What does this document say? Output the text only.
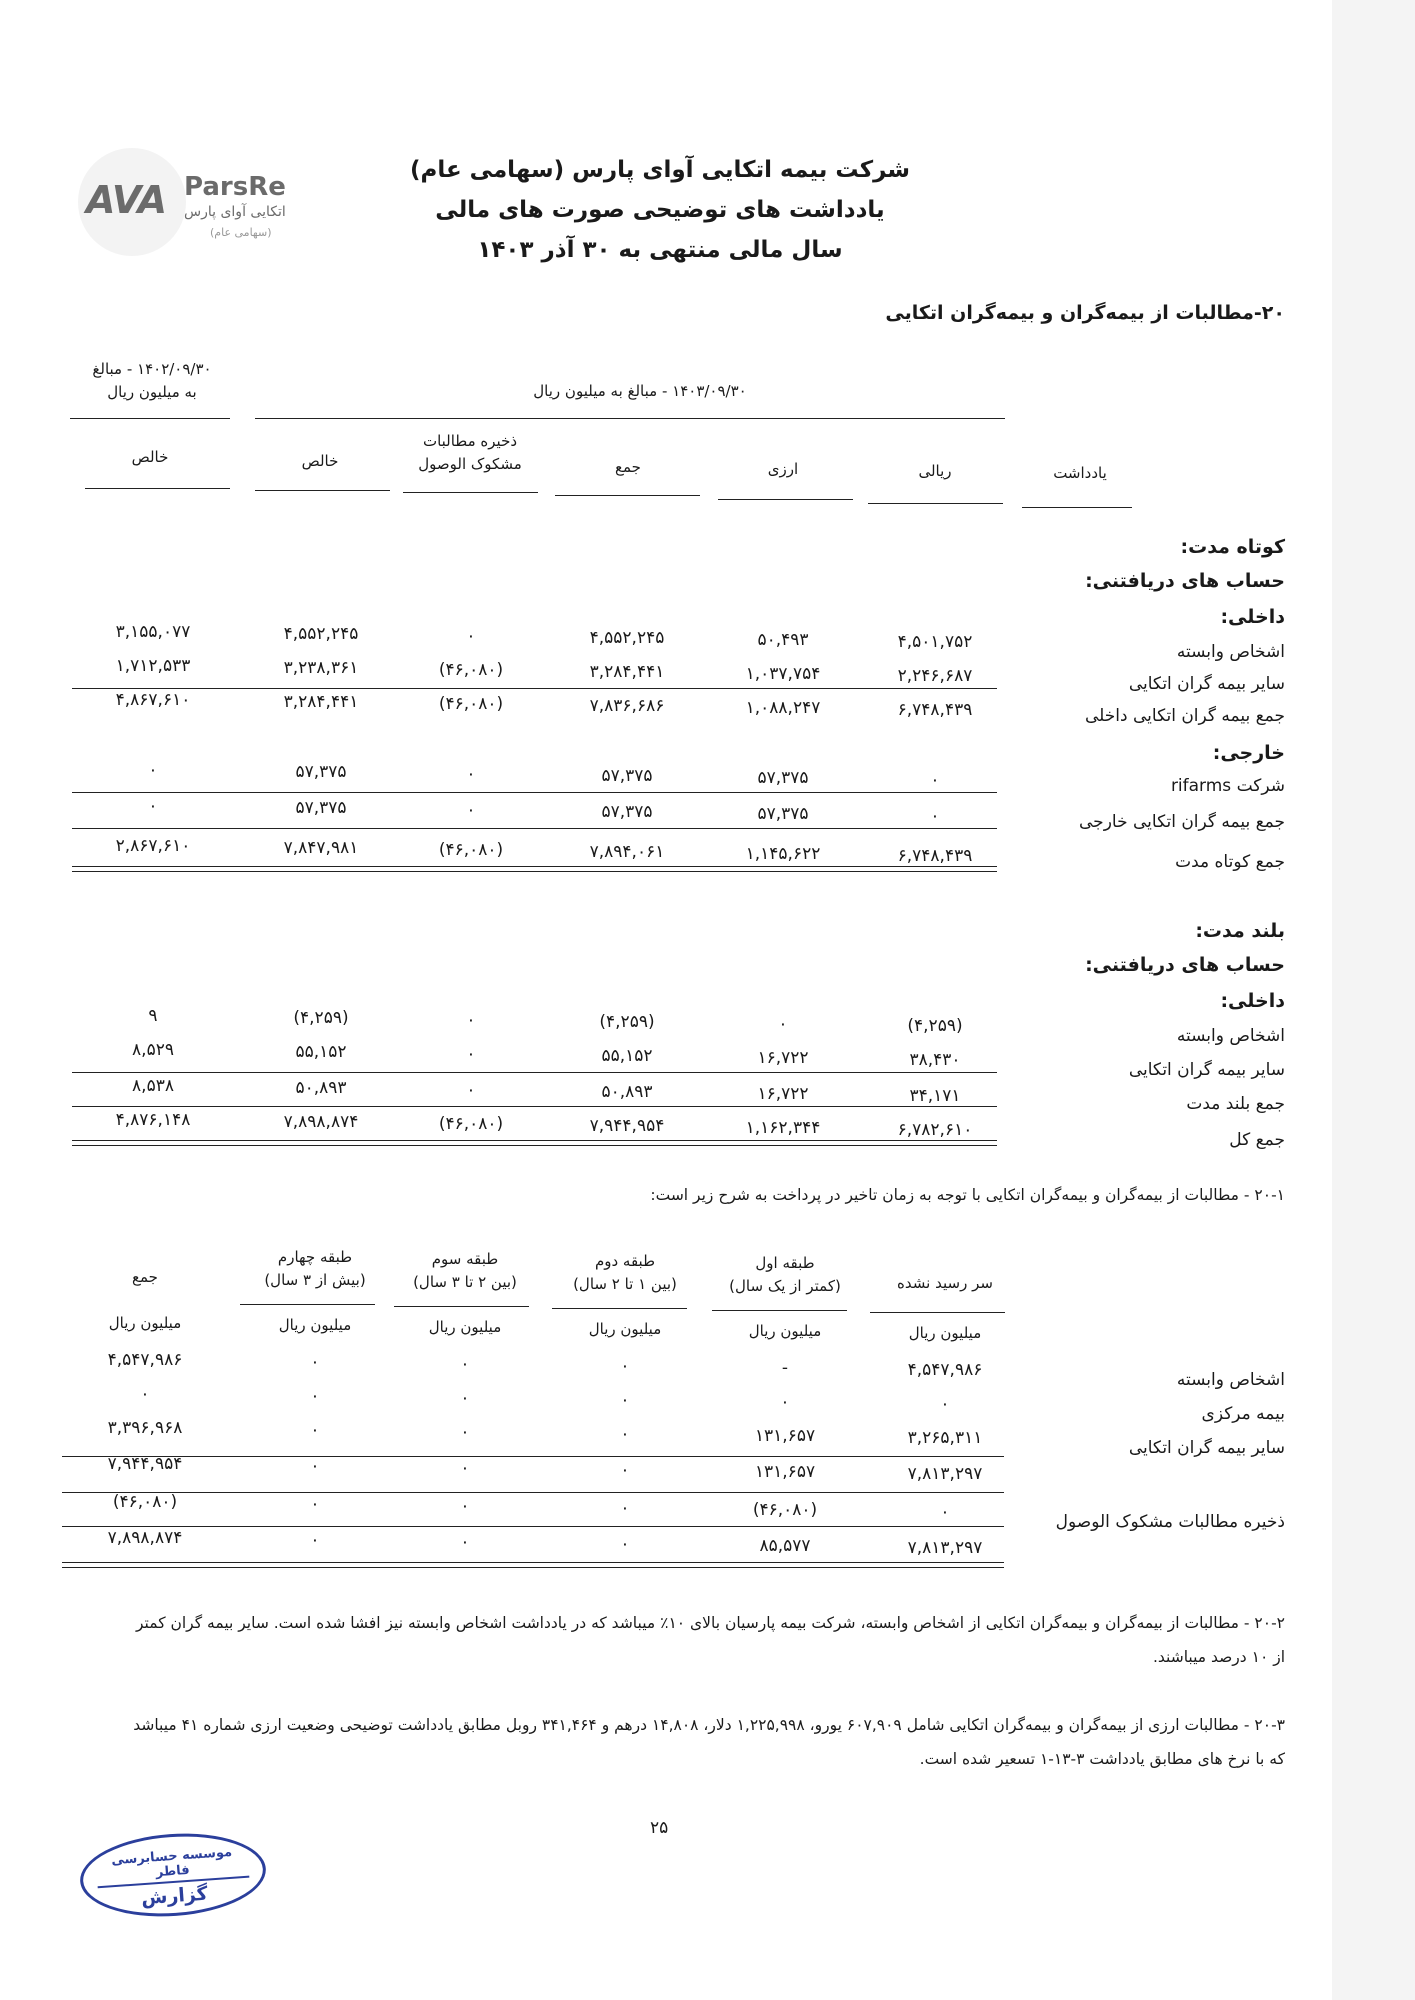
AVA ParsRe
اتکایی آوای پارس
(سهامی عام)
شرکت بیمه اتکایی آوای پارس (سهامی عام)
یادداشت های توضیحی صورت های مالی
سال مالی منتهی به ۳۰ آذر ۱۴۰۳
۲۰-مطالبات از بیمه‌گران و بیمه‌گران اتکایی
۱۴۰۲/۰۹/۳۰ - مبالغ
به میلیون ریال	۱۴۰۳/۰۹/۳۰ - مبالغ به میلیون ریال
یادداشت
ریالی
ارزی
جمع
ذخیره مطالبات
مشکوک الوصول
خالص
خالص
کوتاه مدت:
حساب های دریافتنی:
داخلی:
خارجی:
بلند مدت:
حساب های دریافتنی:
داخلی:
اشخاص وابسته
۴,۵۰۱,۷۵۲
۵۰,۴۹۳
۴,۵۵۲,۲۴۵
۰
۴,۵۵۲,۲۴۵
۳,۱۵۵,۰۷۷
سایر بیمه گران اتکایی
۲,۲۴۶,۶۸۷
۱,۰۳۷,۷۵۴
۳,۲۸۴,۴۴۱
(۴۶,۰۸۰)
۳,۲۳۸,۳۶۱
۱,۷۱۲,۵۳۳
جمع بیمه گران اتکایی داخلی
۶,۷۴۸,۴۳۹
۱,۰۸۸,۲۴۷
۷,۸۳۶,۶۸۶
(۴۶,۰۸۰)
۳,۲۸۴,۴۴۱
۴,۸۶۷,۶۱۰
شرکت rifarms
۰
۵۷,۳۷۵
۵۷,۳۷۵
۰
۵۷,۳۷۵
۰
جمع بیمه گران اتکایی خارجی
۰
۵۷,۳۷۵
۵۷,۳۷۵
۰
۵۷,۳۷۵
۰
جمع کوتاه مدت
۶,۷۴۸,۴۳۹
۱,۱۴۵,۶۲۲
۷,۸۹۴,۰۶۱
(۴۶,۰۸۰)
۷,۸۴۷,۹۸۱
۲,۸۶۷,۶۱۰
اشخاص وابسته
(۴,۲۵۹)
۰
(۴,۲۵۹)
۰
(۴,۲۵۹)
۹
سایر بیمه گران اتکایی
۳۸,۴۳۰
۱۶,۷۲۲
۵۵,۱۵۲
۰
۵۵,۱۵۲
۸,۵۲۹
جمع بلند مدت
۳۴,۱۷۱
۱۶,۷۲۲
۵۰,۸۹۳
۰
۵۰,۸۹۳
۸,۵۳۸
جمع کل
۶,۷۸۲,۶۱۰
۱,۱۶۲,۳۴۴
۷,۹۴۴,۹۵۴
(۴۶,۰۸۰)
۷,۸۹۸,۸۷۴
۴,۸۷۶,۱۴۸
۲۰-۱ - مطالبات از بیمه‌گران و بیمه‌گران اتکایی با توجه به زمان تاخیر در پرداخت به شرح زیر است:
سر رسید نشده
طبقه اول
(کمتر از یک سال)
طبقه دوم
(بین ۱ تا ۲ سال)
طبقه سوم
(بین ۲ تا ۳ سال)
طبقه چهارم
(بیش از ۳ سال)
جمع
میلیون ریال
میلیون ریال
میلیون ریال
میلیون ریال
میلیون ریال
میلیون ریال
اشخاص وابسته
۴,۵۴۷,۹۸۶
-
۰
۰
۰
۴,۵۴۷,۹۸۶
بیمه مرکزی
۰
۰
۰
۰
۰
۰
سایر بیمه گران اتکایی
۳,۲۶۵,۳۱۱
۱۳۱,۶۵۷
۰
۰
۰
۳,۳۹۶,۹۶۸
۷,۸۱۳,۲۹۷
۱۳۱,۶۵۷
۰
۰
۰
۷,۹۴۴,۹۵۴
ذخیره مطالبات مشکوک الوصول
۰
(۴۶,۰۸۰)
۰
۰
۰
(۴۶,۰۸۰)
۷,۸۱۳,۲۹۷
۸۵,۵۷۷
۰
۰
۰
۷,۸۹۸,۸۷۴
۲۰-۲ - مطالبات از بیمه‌گران و بیمه‌گران اتکایی از اشخاص وابسته، شرکت بیمه پارسیان بالای ۱۰٪ میباشد که در یادداشت اشخاص وابسته نیز افشا شده است. سایر بیمه گران کمتر از ۱۰ درصد میباشند.
۲۰-۳ - مطالبات ارزی از بیمه‌گران و بیمه‌گران اتکایی شامل ۶۰۷,۹۰۹ یورو، ۱,۲۲۵,۹۹۸ دلار، ۱۴,۸۰۸ درهم و ۳۴۱,۴۶۴ روبل مطابق یادداشت توضیحی وضعیت ارزی شماره ۴۱ میباشد که با نرخ های مطابق یادداشت ۳-۱۳-۱ تسعیر شده است.
۲۵
موسسه حسابرسی فاطر
گزارش
